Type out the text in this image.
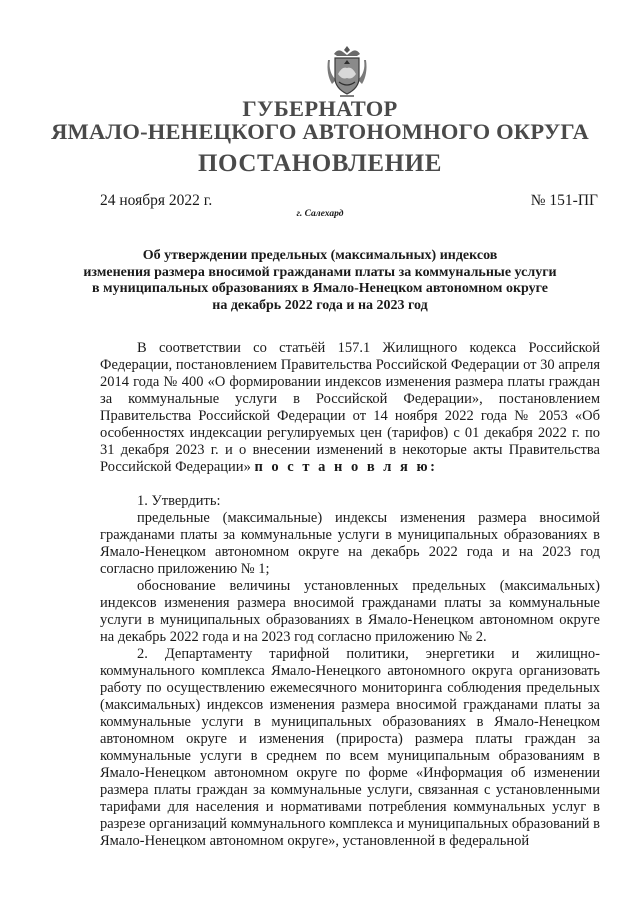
ГУБЕРНАТОР
ЯМАЛО-НЕНЕЦКОГО АВТОНОМНОГО ОКРУГА
ПОСТАНОВЛЕНИЕ
24 ноября 2022 г.	№ 151-ПГ
г. Салехард
Об утверждении предельных (максимальных) индексов
изменения размера вносимой гражданами платы за коммунальные услуги
в муниципальных образованиях в Ямало-Ненецком автономном округе
на декабрь 2022 года и на 2023 год

В соответствии со статьёй 157.1 Жилищного кодекса Российской Федерации, постановлением Правительства Российской Федерации от 30 апреля 2014 года № 400 «О формировании индексов изменения размера платы граждан за коммунальные услуги в Российской Федерации», постановлением Правительства Российской Федерации от 14 ноября 2022 года № 2053 «Об особенностях индексации регулируемых цен (тарифов) с 01 декабря 2022 г. по 31 декабря 2023 г. и о внесении изменений в некоторые акты Правительства Российской Федерации» п о с т а н о в л я ю:

1. Утвердить:

предельные (максимальные) индексы изменения размера вносимой гражданами платы за коммунальные услуги в муниципальных образованиях в Ямало-Ненецком автономном округе на декабрь 2022 года и на 2023 год согласно приложению № 1;

обоснование величины установленных предельных (максимальных) индексов изменения размера вносимой гражданами платы за коммунальные услуги в муниципальных образованиях в Ямало-Ненецком автономном округе на декабрь 2022 года и на 2023 год согласно приложению № 2.

2. Департаменту тарифной политики, энергетики и жилищно-коммунального комплекса Ямало-Ненецкого автономного округа организовать работу по осуществлению ежемесячного мониторинга соблюдения предельных (максимальных) индексов изменения размера вносимой гражданами платы за коммунальные услуги в муниципальных образованиях в Ямало-Ненецком автономном округе и изменения (прироста) размера платы граждан за коммунальные услуги в среднем по всем муниципальным образованиям в Ямало-Ненецком автономном округе по форме «Информация об изменении размера платы граждан за коммунальные услуги, связанная с установленными тарифами для населения и нормативами потребления коммунальных услуг в разрезе организаций коммунального комплекса и муниципальных образований в Ямало-Ненецком автономном округе», установленной в федеральной
